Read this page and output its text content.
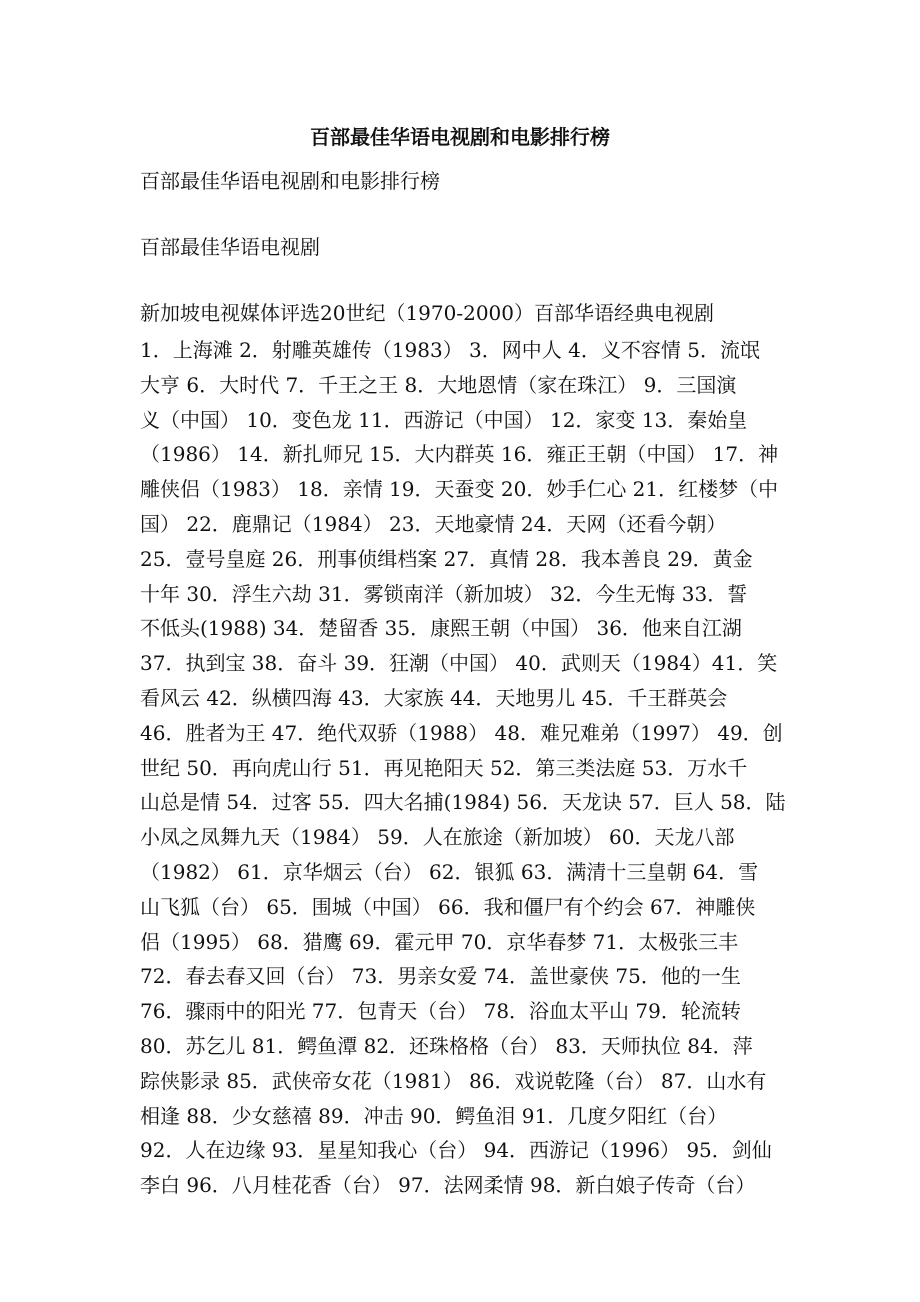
百部最佳华语电视剧和电影排行榜

百部最佳华语电视剧和电影排行榜

百部最佳华语电视剧

新加坡电视媒体评选20世纪（1970-2000）百部华语经典电视剧

1．上海滩 2．射雕英雄传（1983） 3．网中人 4．义不容情 5．流氓
大亨 6．大时代 7．千王之王 8．大地恩情（家在珠江） 9．三国演
义（中国） 10．变色龙 11．西游记（中国） 12．家变 13．秦始皇
（1986） 14．新扎师兄 15．大内群英 16．雍正王朝（中国） 17．神
雕侠侣（1983） 18．亲情 19．天蚕变 20．妙手仁心 21．红楼梦（中
国） 22．鹿鼎记（1984） 23．天地豪情 24．天网（还看今朝）
25．壹号皇庭 26．刑事侦缉档案 27．真情 28．我本善良 29．黄金
十年 30．浮生六劫 31．雾锁南洋（新加坡） 32．今生无悔 33．誓
不低头(1988) 34．楚留香 35．康熙王朝（中国） 36．他来自江湖
37．执到宝 38．奋斗 39．狂潮（中国） 40．武则天（1984）41．笑
看风云 42．纵横四海 43．大家族 44．天地男儿 45．千王群英会
46．胜者为王 47．绝代双骄（1988） 48．难兄难弟（1997） 49．创
世纪 50．再向虎山行 51．再见艳阳天 52．第三类法庭 53．万水千
山总是情 54．过客 55．四大名捕(1984) 56．天龙诀 57．巨人 58．陆
小凤之凤舞九天（1984） 59．人在旅途（新加坡） 60．天龙八部
（1982） 61．京华烟云（台） 62．银狐 63．满清十三皇朝 64．雪
山飞狐（台） 65．围城（中国） 66．我和僵尸有个约会 67．神雕侠
侣（1995） 68．猎鹰 69．霍元甲 70．京华春梦 71．太极张三丰
72．春去春又回（台） 73．男亲女爱 74．盖世豪侠 75．他的一生
76．骤雨中的阳光 77．包青天（台） 78．浴血太平山 79．轮流转
80．苏乞儿 81．鳄鱼潭 82．还珠格格（台） 83．天师执位 84．萍
踪侠影录 85．武侠帝女花（1981） 86．戏说乾隆（台） 87．山水有
相逢 88．少女慈禧 89．冲击 90．鳄鱼泪 91．几度夕阳红（台）
92．人在边缘 93．星星知我心（台） 94．西游记（1996） 95．剑仙
李白 96．八月桂花香（台） 97．法网柔情 98．新白娘子传奇（台）
